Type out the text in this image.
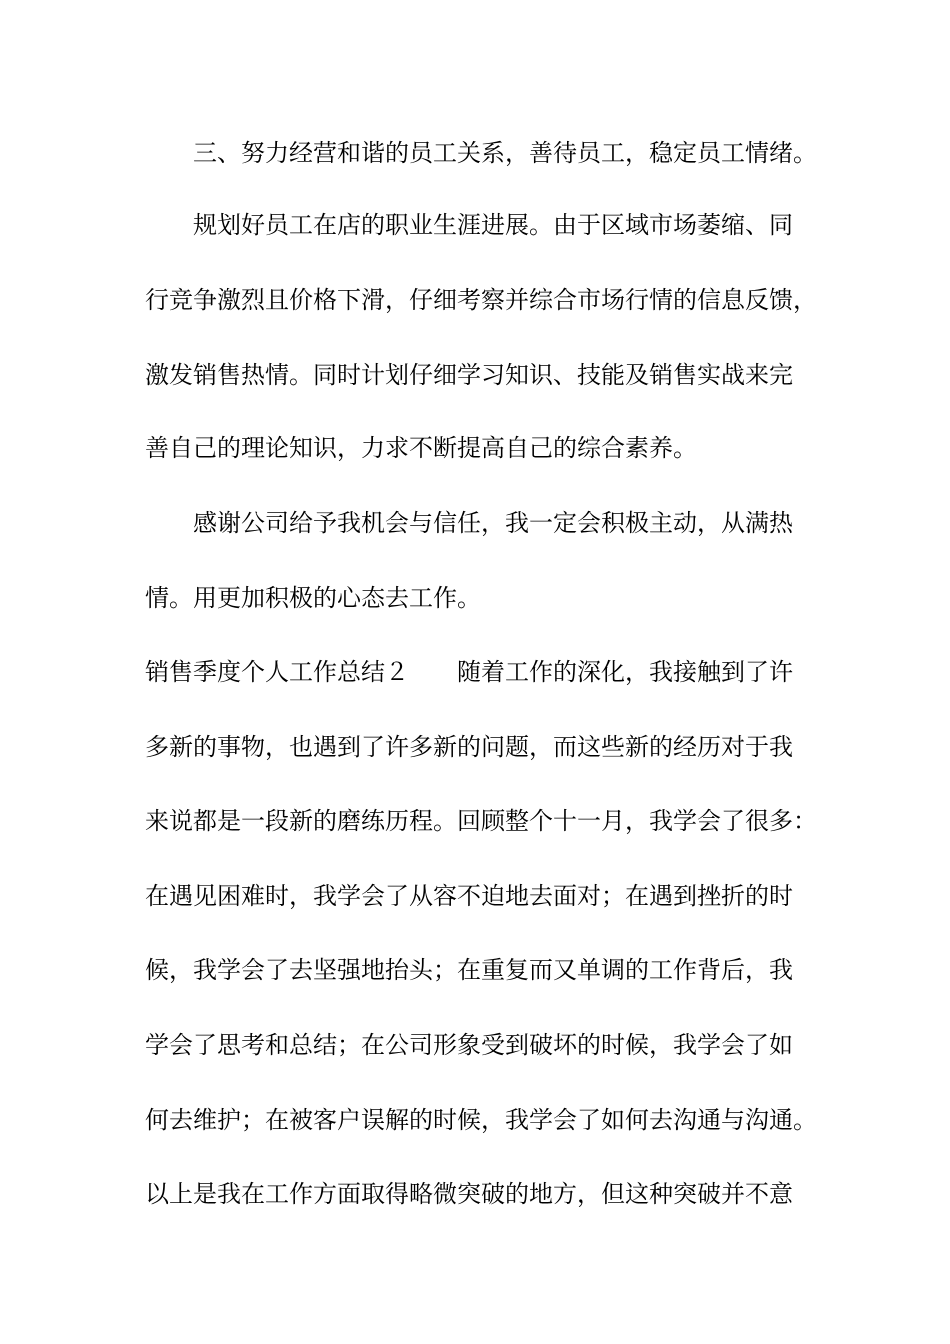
三、努力经营和谐的员工关系，善待员工，稳定员工情绪。
规划好员工在店的职业生涯进展。由于区域市场萎缩、同
行竞争激烈且价格下滑，仔细考察并综合市场行情的信息反馈，
激发销售热情。同时计划仔细学习知识、技能及销售实战来完
善自己的理论知识，力求不断提高自己的综合素养。
感谢公司给予我机会与信任，我一定会积极主动，从满热
情。用更加积极的心态去工作。
销售季度个人工作总结２　　随着工作的深化，我接触到了许
多新的事物，也遇到了许多新的问题，而这些新的经历对于我
来说都是一段新的磨练历程。回顾整个十一月，我学会了很多：
在遇见困难时，我学会了从容不迫地去面对；在遇到挫折的时
候，我学会了去坚强地抬头；在重复而又单调的工作背后，我
学会了思考和总结；在公司形象受到破坏的时候，我学会了如
何去维护；在被客户误解的时候，我学会了如何去沟通与沟通。
以上是我在工作方面取得略微突破的地方，但这种突破并不意
